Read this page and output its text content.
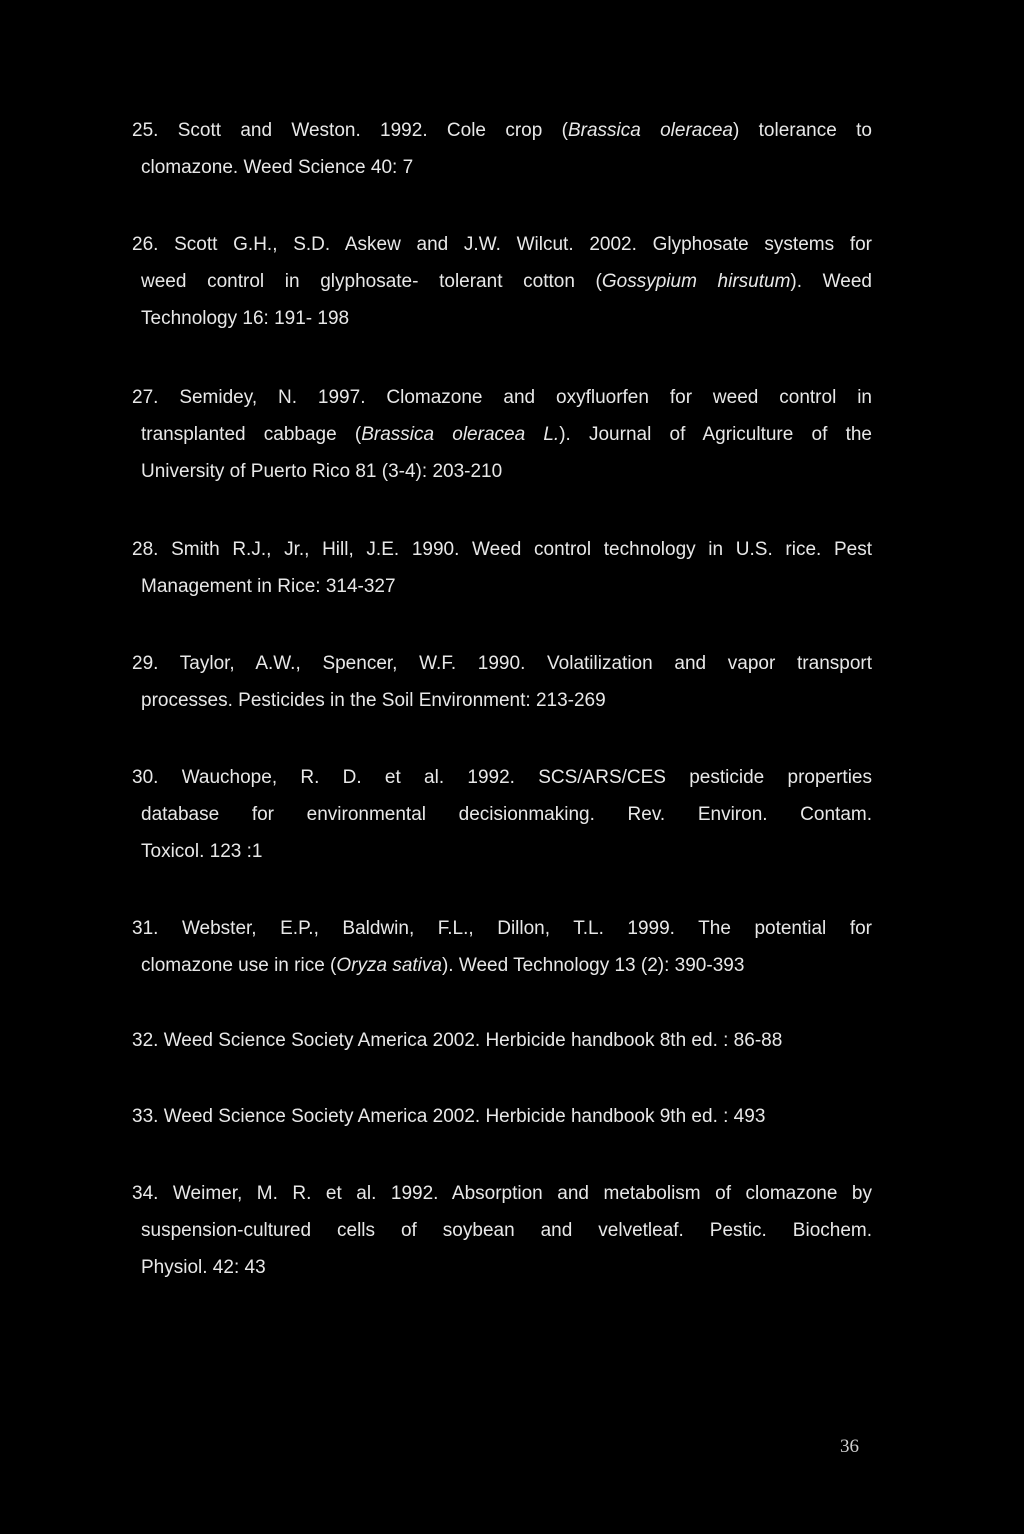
25. Scott and Weston. 1992. Cole crop (Brassica oleracea) tolerance to
clomazone. Weed Science 40: 7
26. Scott G.H., S.D. Askew and J.W. Wilcut. 2002. Glyphosate systems for
weed control in glyphosate- tolerant cotton (Gossypium hirsutum). Weed
Technology 16: 191- 198
27. Semidey, N. 1997. Clomazone and oxyfluorfen for weed control in
transplanted cabbage (Brassica oleracea L.). Journal of Agriculture of the
University of Puerto Rico 81 (3-4): 203-210
28. Smith R.J., Jr., Hill, J.E. 1990. Weed control technology in U.S. rice. Pest
Management in Rice: 314-327
29. Taylor, A.W., Spencer, W.F. 1990. Volatilization and vapor transport
processes. Pesticides in the Soil Environment: 213-269
30. Wauchope, R. D. et al. 1992. SCS/ARS/CES pesticide properties
database for environmental decisionmaking. Rev. Environ. Contam.
Toxicol. 123 :1
31. Webster, E.P., Baldwin, F.L., Dillon, T.L. 1999. The potential for
clomazone use in rice (Oryza sativa). Weed Technology 13 (2): 390-393
32. Weed Science Society America 2002. Herbicide handbook 8th ed. : 86-88
33. Weed Science Society America 2002. Herbicide handbook 9th ed. : 493
34. Weimer, M. R. et al. 1992. Absorption and metabolism of clomazone by
suspension-cultured cells of soybean and velvetleaf. Pestic. Biochem.
Physiol. 42: 43
36
